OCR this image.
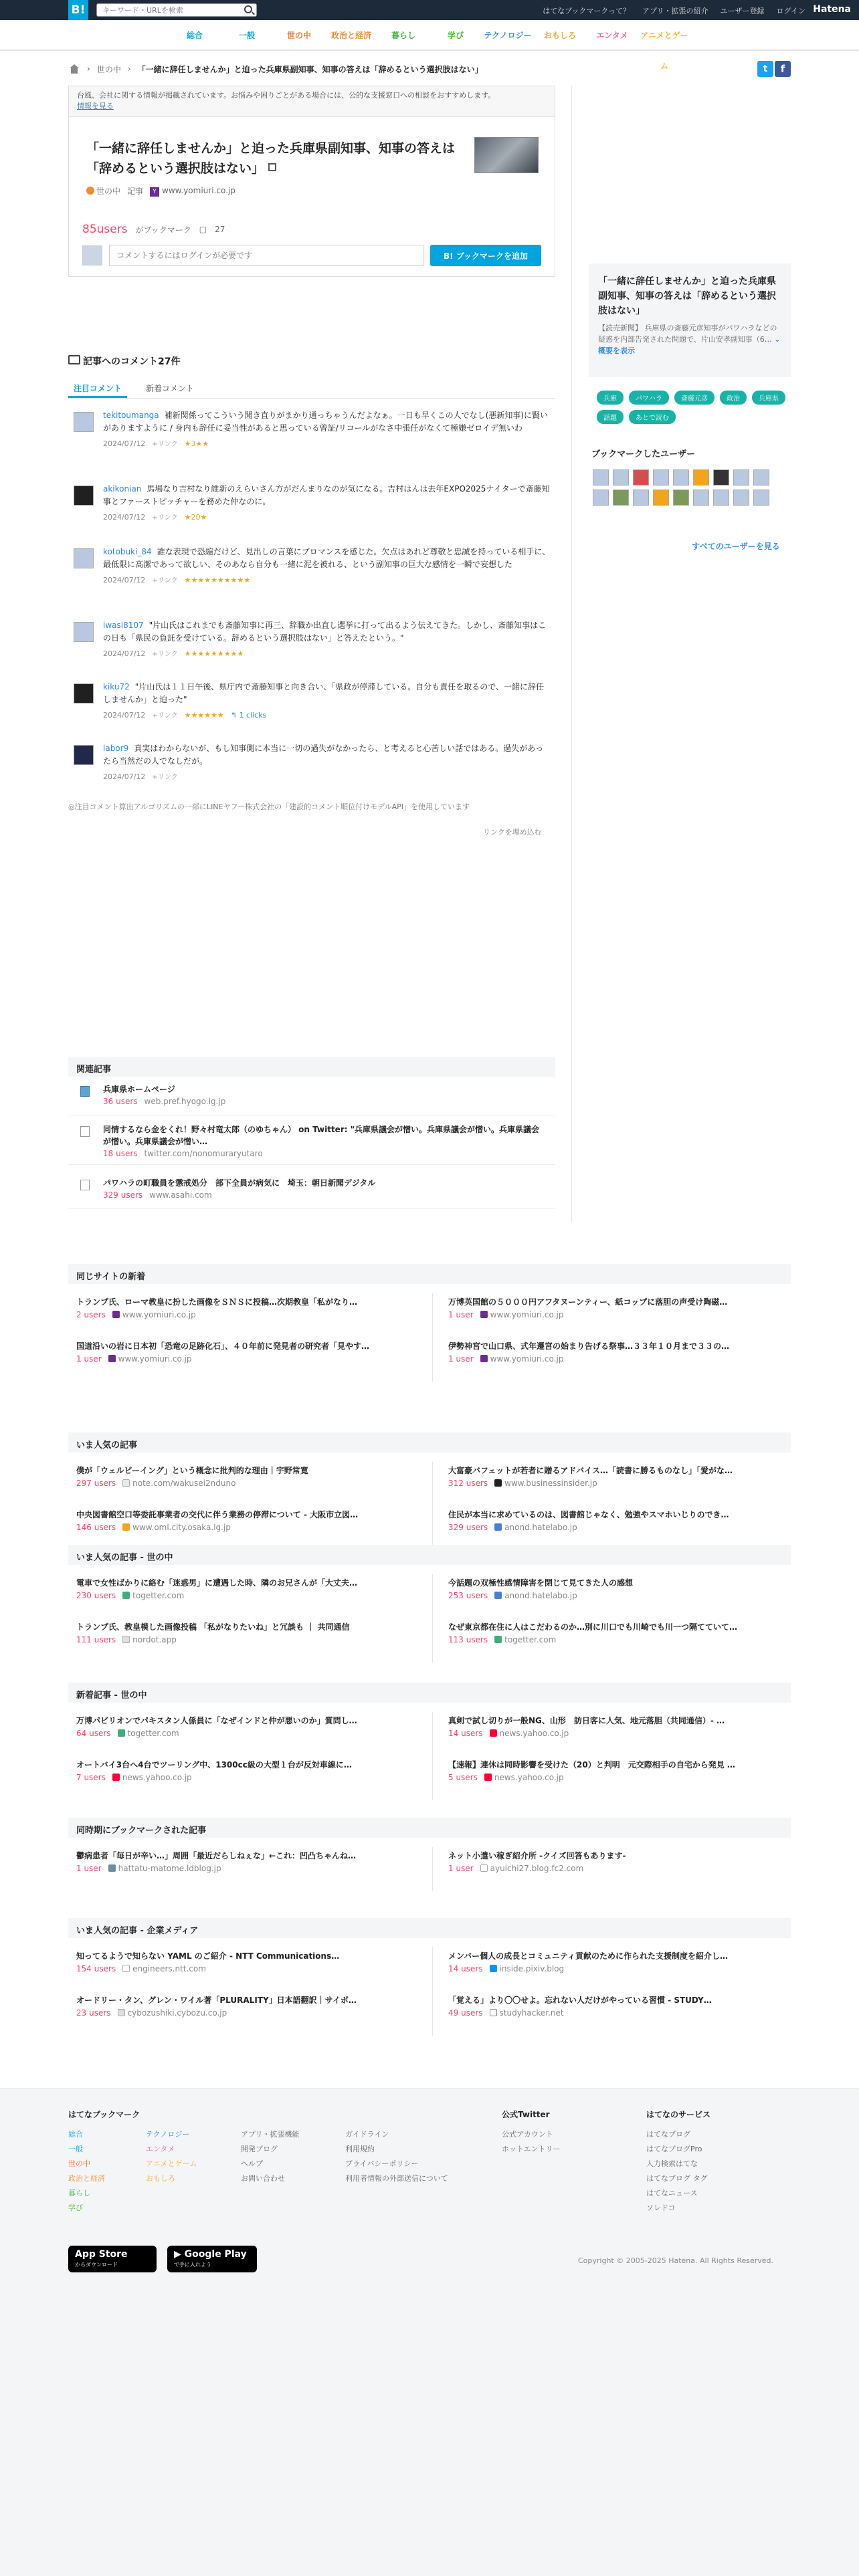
B!
キーワード・URLを検索	はてなブックマークって？ アプリ・拡張の紹介 ユーザー登録 ログイン Hatena
総合	一般	世の中	政治と経済	暮らし	学び	テクノロジー	おもしろ	エンタメ	アニメとゲーム
› 世の中 › 「一緒に辞任しませんか」と迫った兵庫県副知事、知事の答えは「辞めるという選択肢はない」	t	f
台風、会社に関する情報が掲載されています。お悩みや困りごとがある場合には、公的な支援窓口への相談をおすすめします。
情報を見る
「一緒に辞任しませんか」と迫った兵庫県副知事、知事の答えは「辞めるという選択肢はない」
世の中 記事	Y www.yomiuri.co.jp
85users がブックマーク ▢ 27
コメントするにはログインが必要です
B! ブックマークを追加
「一緒に辞任しませんか」と迫った兵庫県副知事、知事の答えは「辞めるという選択肢はない」
【読売新聞】 兵庫県の斎藤元彦知事がパワハラなどの疑惑を内部告発された問題で、片山安孝副知事（6… ⌄ 概要を表示
兵庫	パワハラ	斎藤元彦	政治	兵庫県
話題	あとで読む
ブックマークしたユーザー
すべてのユーザーを見る
記事へのコメント27件
注目コメント	新着コメント
tekitoumanga 補新関係ってこういう聞き直りがまかり通っちゃうんだよなぁ。一日も早くこの人でなし(悪新知事)に賢いがありますように / 身内も辞任に妥当性があると思っている曾証/リコールがなさ中張任がなくて極嫌ゼロイデ無いわ
2024/07/12 +リンク ★3★★
akikonian 馬場なり吉村なり維新のえらいさん方がだんまりなのが気になる。吉村はんは去年EXPO2025ナイターで斎藤知事とファーストピッチャーを務めた仲なのに。
2024/07/12 +リンク ★20★
kotobuki_84 誰な表現で恐縮だけど、見出しの言葉にブロマンスを感じた。欠点はあれど尊敬と忠誠を持っている相手に、最低限に高潔であって欲しい、そのあなら自分も一緒に泥を被れる、という副知事の巨大な感情を一瞬で妄想した
2024/07/12 +リンク ★★★★★★★★★★
iwasi8107 "片山氏はこれまでも斎藤知事に再三、辞職か出直し選挙に打って出るよう伝えてきた。しかし、斎藤知事はこの日も「県民の負託を受けている。辞めるという選択肢はない」と答えたという。"
2024/07/12 +リンク ★★★★★★★★★
kiku72 "片山氏は１１日午後、県庁内で斎藤知事と向き合い、「県政が停滞している。自分も責任を取るので、一緒に辞任しませんか」と迫った"
2024/07/12 +リンク ★★★★★★ ↰ 1 clicks
labor9 真実はわからないが、もし知事側に本当に一切の過失がなかったら、と考えると心苦しい話ではある。過失があったら当然だの人でなしだが。
2024/07/12 +リンク
◎注目コメント算出アルゴリズムの一部にLINEヤフー株式会社の「建設的コメント順位付けモデルAPI」を使用しています
リンクを埋め込む
関連記事
兵庫県ホームページ
36 users web.pref.hyogo.lg.jp
同情するなら金をくれ！野々村竜太郎（のゆちゃん） on Twitter: "兵庫県議会が憎い。兵庫県議会が憎い。兵庫県議会が憎い。兵庫県議会が憎い…
18 users twitter.com/nonomuraryutaro
パワハラの町職員を懲戒処分　部下全員が病気に　埼玉：朝日新聞デジタル
329 users www.asahi.com
同じサイトの新着
トランプ氏、ローマ教皇に扮した画像をＳＮＳに投稿…次期教皇「私がなり…
2 users www.yomiuri.co.jp
万博英国館の５０００円アフタヌーンティー、紙コップに落胆の声受け陶磁…
1 user www.yomiuri.co.jp
国道沿いの岩に日本初「恐竜の足跡化石」、４０年前に発見者の研究者「見やす…
1 user www.yomiuri.co.jp
伊勢神宮で山口県、式年遷宮の始まり告げる祭事…３３年１０月まで３３の…
1 user www.yomiuri.co.jp
いま人気の記事
僕が「ウェルビーイング」という概念に批判的な理由｜宇野常寛
297 users note.com/wakusei2nduno
大富豪バフェットが若者に贈るアドバイス…「読書に勝るものなし」「愛がな…
312 users www.businessinsider.jp
中央図書館空口等委託事業者の交代に伴う業務の停滞について - 大阪市立図…
146 users www.oml.city.osaka.lg.jp
住民が本当に求めているのは、図書館じゃなく、勉強やスマホいじりのでき…
329 users anond.hatelabo.jp
いま人気の記事 - 世の中
電車で女性ばかりに絡む「迷惑男」に遭遇した時、隣のお兄さんが「大丈夫…
230 users togetter.com
今話題の双極性感情障害を閉じて見てきた人の感想
253 users anond.hatelabo.jp
トランプ氏、教皇模した画像投稿 「私がなりたいね」と冗談も ｜ 共同通信
111 users nordot.app
なぜ東京都在住に人はこだわるのか…別に川口でも川崎でも川一つ隔てていて…
113 users togetter.com
新着記事 - 世の中
万博パビリオンでパキスタン人係員に「なぜインドと仲が悪いのか」質問し…
64 users togetter.com
真剣で試し切りが一般NG、山形　訪日客に人気、地元落胆（共同通信）- …
14 users news.yahoo.co.jp
オートバイ3台へ4台でツーリング中、1300cc級の大型１台が反対車線に…
7 users news.yahoo.co.jp
【速報】連休は同時影響を受けた（20）と判明　元交際相手の自宅から発見 …
5 users news.yahoo.co.jp
同時期にブックマークされた記事
鬱病患者「毎日が辛い…」周囲「最近だらしねぇな」←これ：凹凸ちゃんね…
1 user hattatu-matome.ldblog.jp
ネット小遣い稼ぎ紹介所 -クイズ回答もあります-
1 user ayuichi27.blog.fc2.com
いま人気の記事 - 企業メディア
知ってるようで知らない YAML のご紹介 - NTT Communications…
154 users engineers.ntt.com
メンバー個人の成長とコミュニティ貢献のために作られた支援制度を紹介し…
14 users inside.pixiv.blog
オードリー・タン、グレン・ワイル著「PLURALITY」日本語翻訳｜サイボ…
23 users cybozushiki.cybozu.co.jp
「覚える」より〇〇せよ。忘れない人だけがやっている習慣 - STUDY…
49 users studyhacker.net
はてなブックマーク
総合
一般
世の中
政治と経済
暮らし
学び
テクノロジー
エンタメ
アニメとゲーム
おもしろ
アプリ・拡張機能
開発ブログ
ヘルプ
お問い合わせ
ガイドライン
利用規約
プライバシーポリシー
利用者情報の外部送信について
公式Twitter
公式アカウント
ホットエントリー
はてなのサービス
はてなブログ
はてなブログPro
人力検索はてな
はてなブログ タグ
はてなニュース
ソレドコ
App Store
からダウンロード
▶ Google Play
で手に入れよう	Copyright © 2005-2025 Hatena. All Rights Reserved.
